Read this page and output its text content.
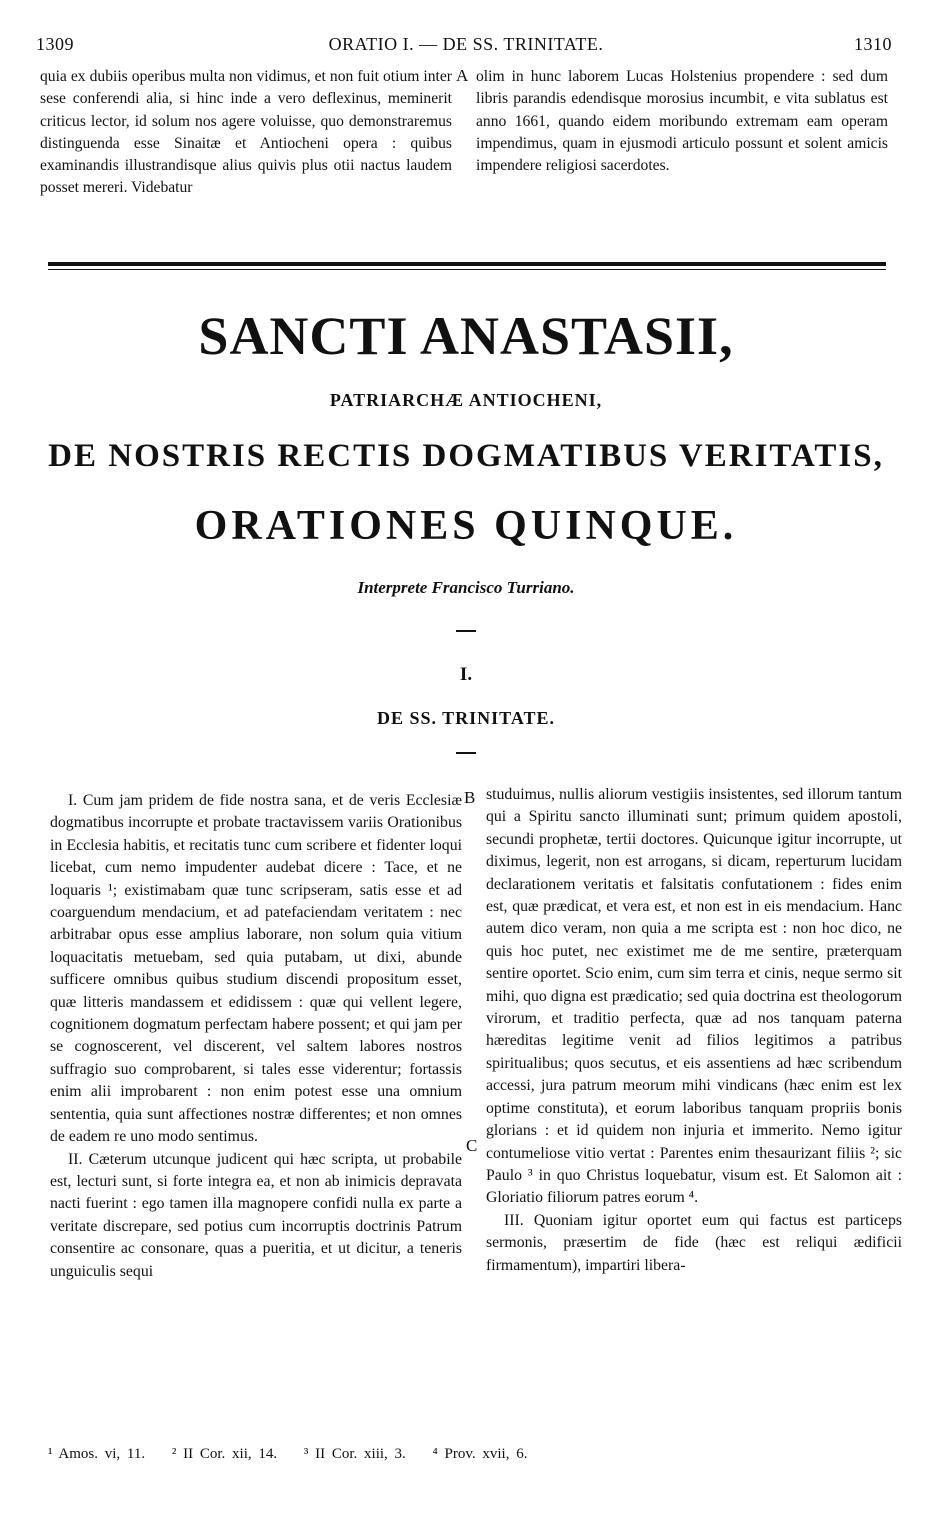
ORATIO I. — DE SS. TRINITATE.
1309	1310
quia ex dubiis operibus multa non vidimus, et non fuit otium inter sese conferendi alia, si hinc inde a vero deflexinus, meminerit criticus lector, id solum nos agere voluisse, quo demonstraremus distinguenda esse Sinaitæ et Antiocheni opera : quibus examinandis illustrandisque alius quivis plus otii nactus laudem posset mereri. Videbatur
A olim in hunc laborem Lucas Holstenius propendere : sed dum libris parandis edendisque morosius incumbit, e vita sublatus est anno 1661, quando eidem moribundo extremam eam operam impendimus, quam in ejusmodi articulo possunt et solent amicis impendere religiosi sacerdotes.
SANCTI ANASTASII,
PATRIARCHÆ ANTIOCHENI,
DE NOSTRIS RECTIS DOGMATIBUS VERITATIS,
ORATIONES QUINQUE.
Interprete Francisco Turriano.
I.
DE SS. TRINITATE.

I. Cum jam pridem de fide nostra sana, et de veris Ecclesiæ dogmatibus incorrupte et probate tractavissem variis Orationibus in Ecclesia habitis, et recitatis tunc cum scribere et fidenter loqui licebat, cum nemo impudenter audebat dicere : Tace, et ne loquaris ¹; existimabam quæ tunc scripseram, satis esse et ad coarguendum mendacium, et ad patefaciendam veritatem : nec arbitrabar opus esse amplius laborare, non solum quia vitium loquacitatis metuebam, sed quia putabam, ut dixi, abunde sufficere omnibus quibus studium discendi propositum esset, quæ litteris mandassem et edidissem : quæ qui vellent legere, cognitionem dogmatum perfectam habere possent; et qui jam per se cognoscerent, vel discerent, vel saltem labores nostros suffragio suo comprobarent, si tales esse viderentur; fortassis enim alii improbarent : non enim potest esse una omnium sententia, quia sunt affectiones nostræ differentes; et non omnes de eadem re uno modo sentimus.

II. Cæterum utcunque judicent qui hæc scripta, ut probabile est, lecturi sunt, si forte integra ea, et non ab inimicis depravata nacti fuerint : ego tamen illa magnopere confidi nulla ex parte a veritate discrepare, sed potius cum incorruptis doctrinis Patrum consentire ac consonare, quas a pueritia, et ut dicitur, a teneris unguiculis sequi

B
C

studuimus, nullis aliorum vestigiis insistentes, sed illorum tantum qui a Spiritu sancto illuminati sunt; primum quidem apostoli, secundi prophetæ, tertii doctores. Quicunque igitur incorrupte, ut diximus, legerit, non est arrogans, si dicam, reperturum lucidam declarationem veritatis et falsitatis confutationem : fides enim est, quæ prædicat, et vera est, et non est in eis mendacium. Hanc autem dico veram, non quia a me scripta est : non hoc dico, ne quis hoc putet, nec existimet me de me sentire, præterquam sentire oportet. Scio enim, cum sim terra et cinis, neque sermo sit mihi, quo digna est prædicatio; sed quia doctrina est theologorum virorum, et traditio perfecta, quæ ad nos tanquam paterna hæreditas legitime venit ad filios legitimos a patribus spiritualibus; quos secutus, et eis assentiens ad hæc scribendum accessi, jura patrum meorum mihi vindicans (hæc enim est lex optime constituta), et eorum laboribus tanquam propriis bonis glorians : et id quidem non injuria et immerito. Nemo igitur contumeliose vitio vertat : Parentes enim thesaurizant filiis ²; sic Paulo ³ in quo Christus loquebatur, visum est. Et Salomon ait : Gloriatio filiorum patres eorum ⁴.

III. Quoniam igitur oportet eum qui factus est particeps sermonis, præsertim de fide (hæc est reliqui ædificii firmamentum), impartiri libera-

¹ Amos. vi, 11. ² II Cor. xii, 14. ³ II Cor. xiii, 3. ⁴ Prov. xvii, 6.
